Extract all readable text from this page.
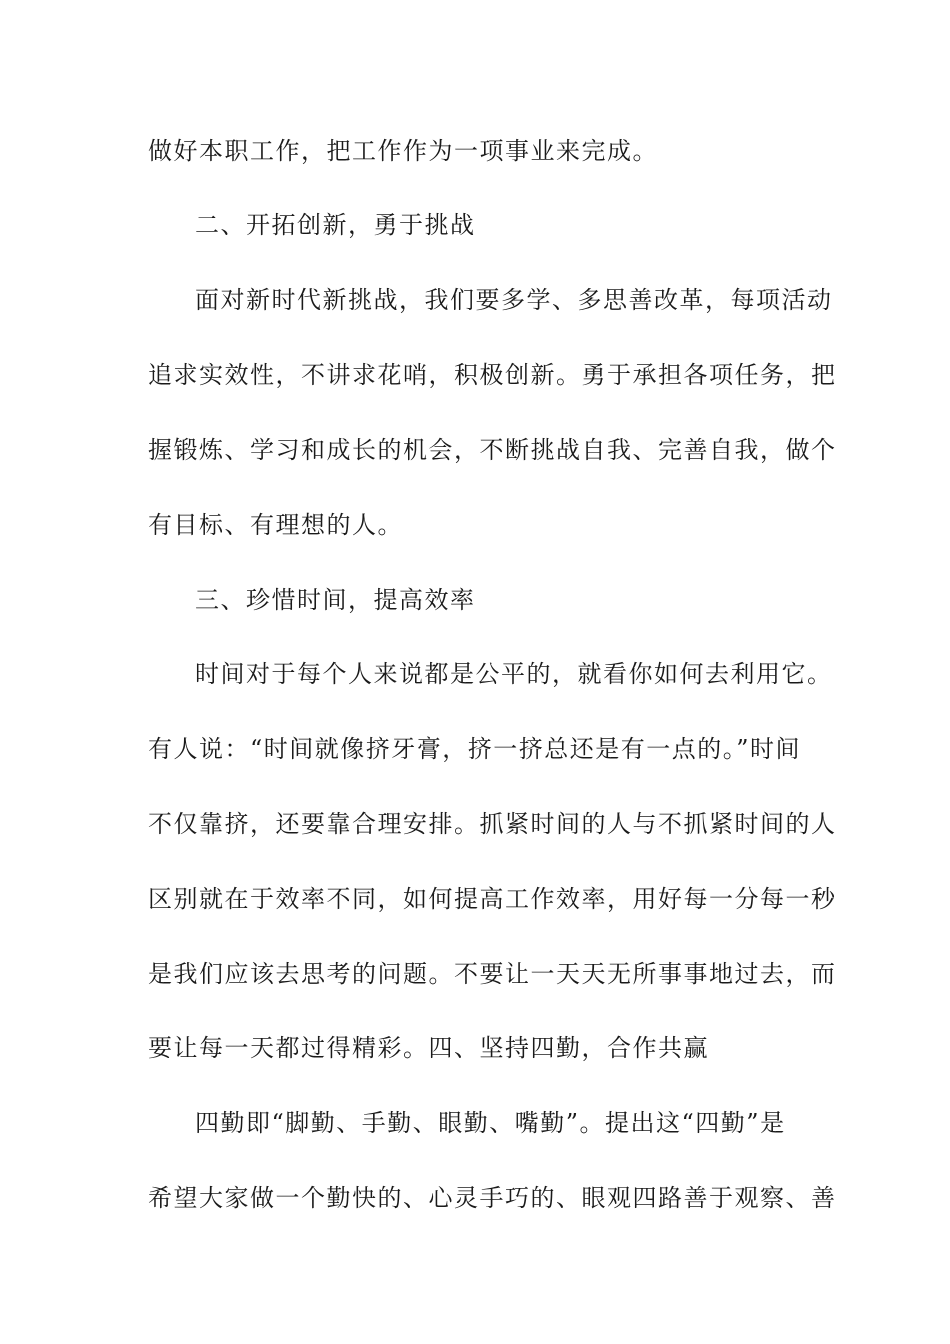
做好本职工作，把工作作为一项事业来完成。
二、开拓创新，勇于挑战
面对新时代新挑战，我们要多学、多思善改革，每项活动
追求实效性，不讲求花哨，积极创新。勇于承担各项任务，把
握锻炼、学习和成长的机会，不断挑战自我、完善自我，做个
有目标、有理想的人。
三、珍惜时间，提高效率
时间对于每个人来说都是公平的，就看你如何去利用它。
有人说：“时间就像挤牙膏，挤一挤总还是有一点的。”时间
不仅靠挤，还要靠合理安排。抓紧时间的人与不抓紧时间的人
区别就在于效率不同，如何提高工作效率，用好每一分每一秒
是我们应该去思考的问题。不要让一天天无所事事地过去，而
要让每一天都过得精彩。四、坚持四勤，合作共赢
四勤即“脚勤、手勤、眼勤、嘴勤”。提出这“四勤”是
希望大家做一个勤快的、心灵手巧的、眼观四路善于观察、善
